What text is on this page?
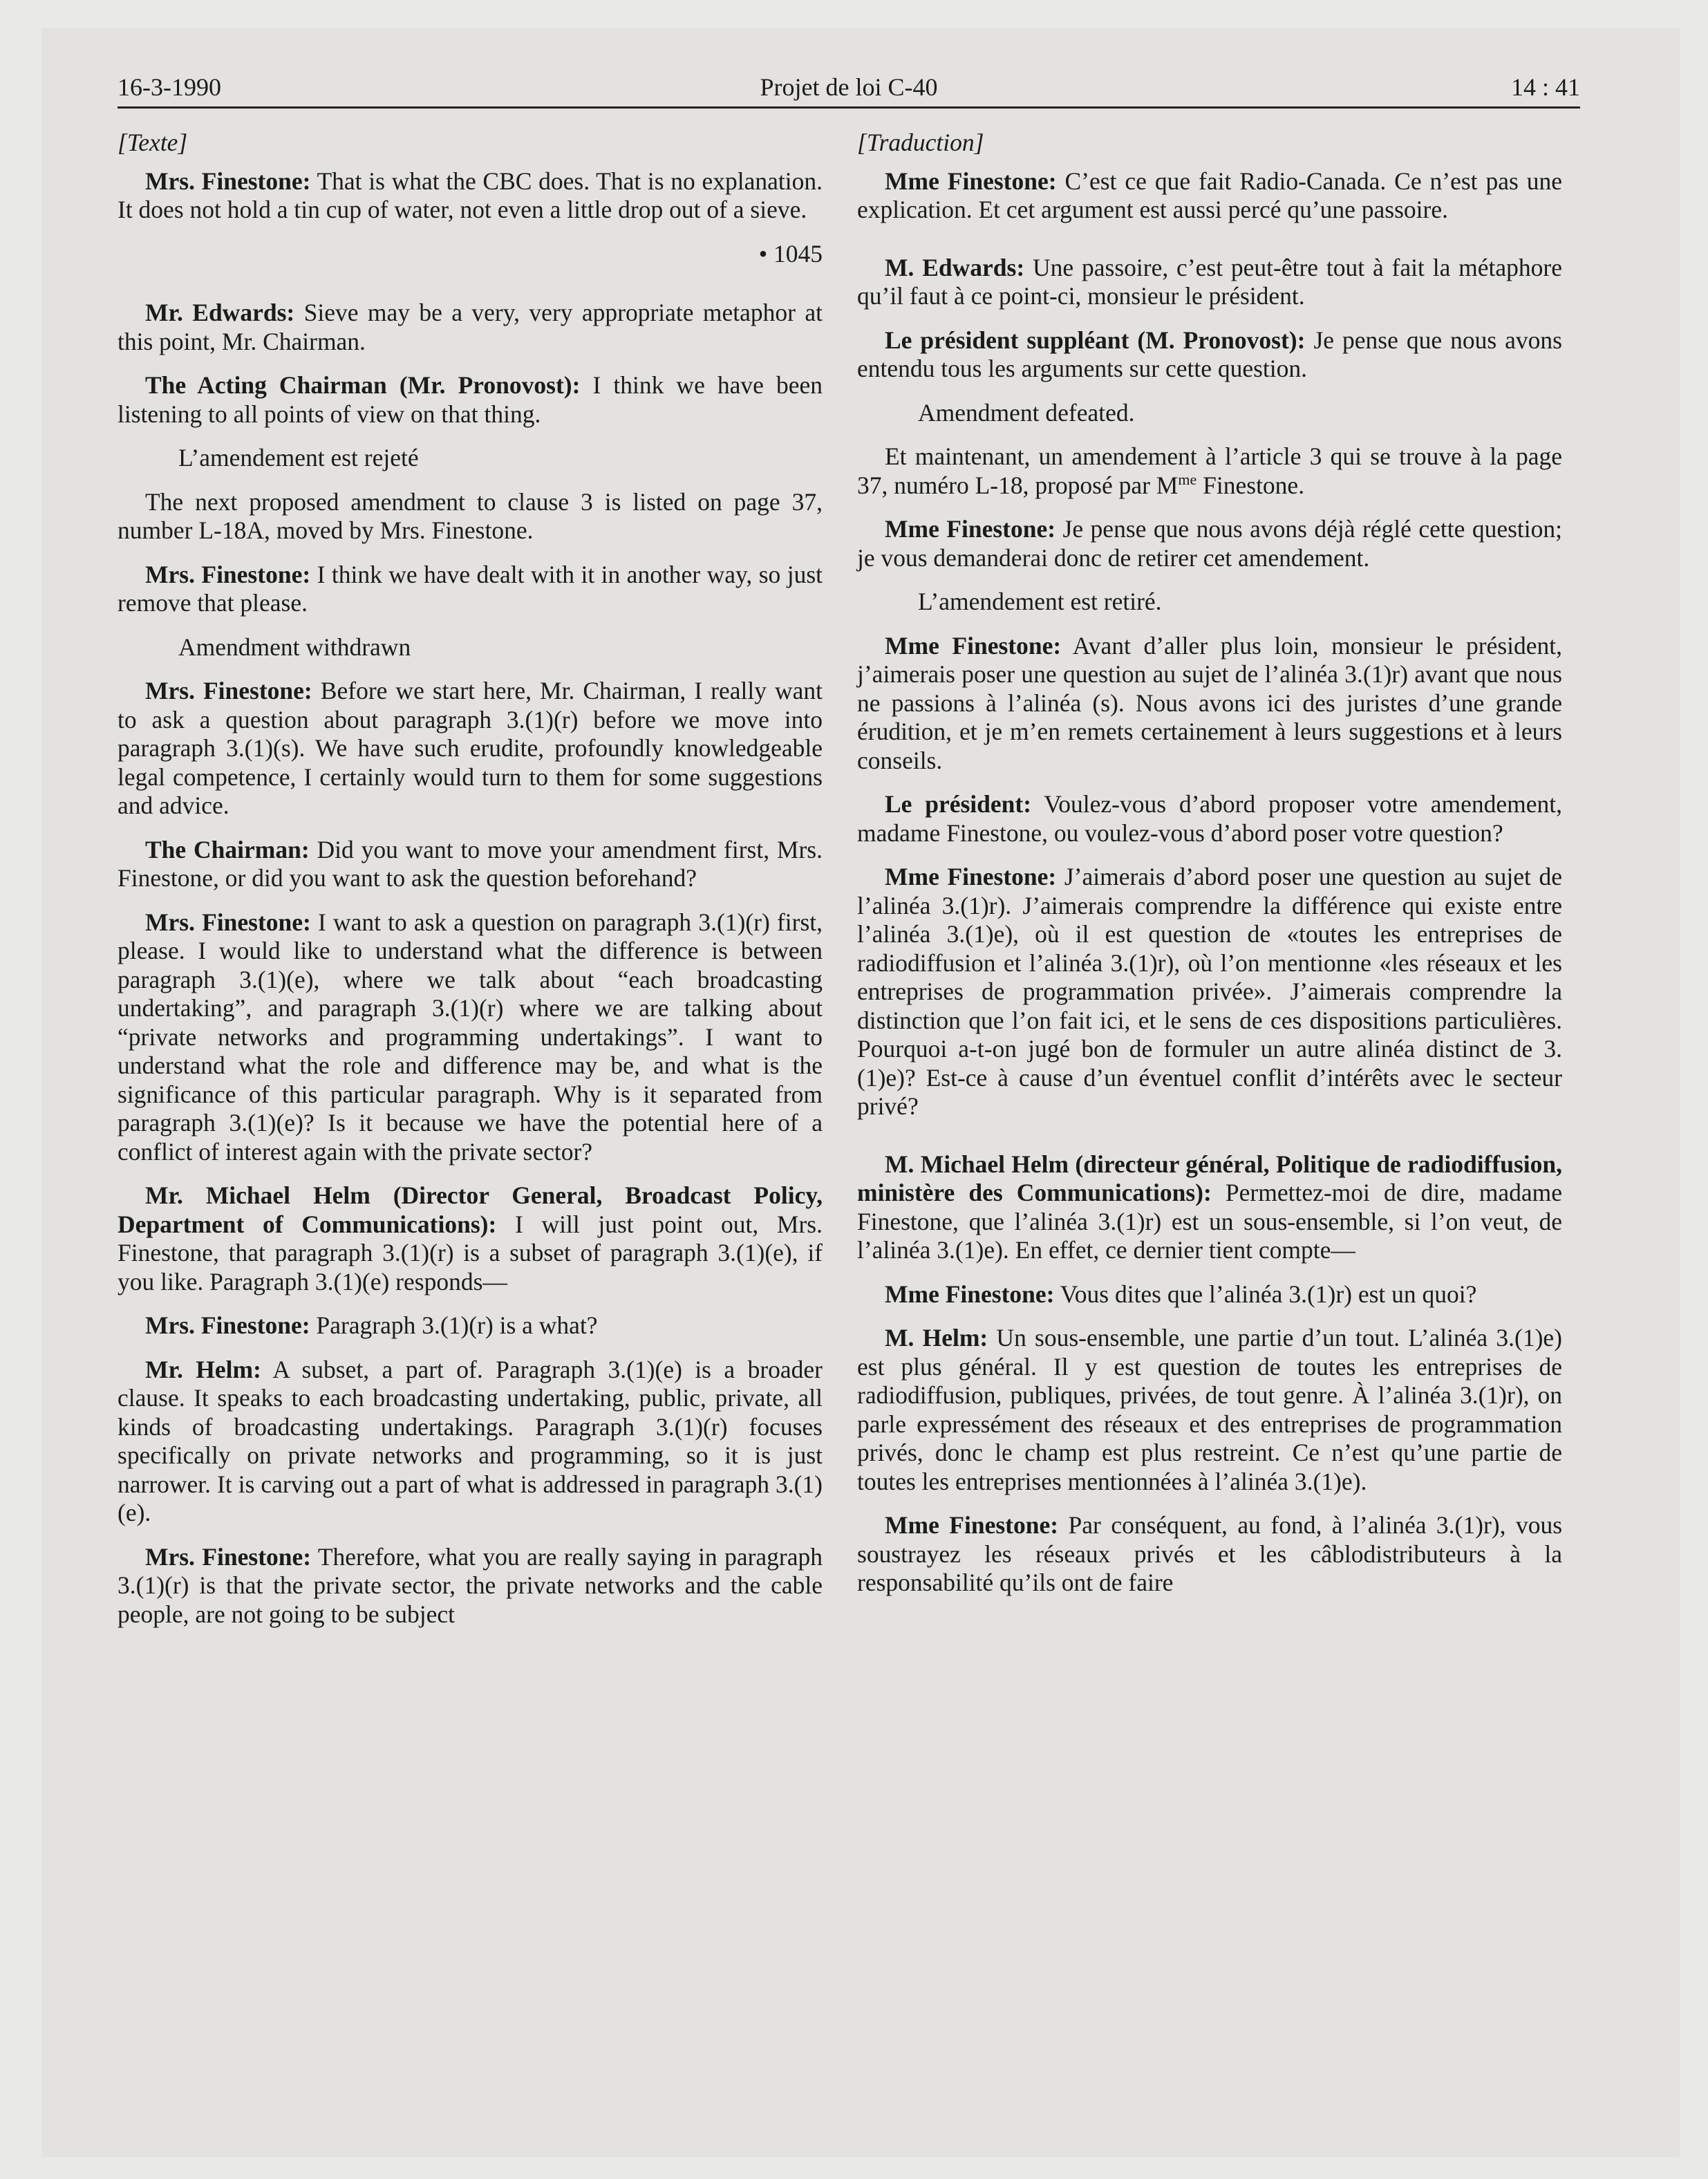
Projet de loi C-40
16-3-1990	14 : 41
[Texte]

Mrs. Finestone: That is what the CBC does. That is no explanation. It does not hold a tin cup of water, not even a little drop out of a sieve.

• 1045

Mr. Edwards: Sieve may be a very, very appropriate metaphor at this point, Mr. Chairman.

The Acting Chairman (Mr. Pronovost): I think we have been listening to all points of view on that thing.

L’amendement est rejeté

The next proposed amendment to clause 3 is listed on page 37, number L-18A, moved by Mrs. Finestone.

Mrs. Finestone: I think we have dealt with it in another way, so just remove that please.

Amendment withdrawn

Mrs. Finestone: Before we start here, Mr. Chairman, I really want to ask a question about paragraph 3.(1)(r) before we move into paragraph 3.(1)(s). We have such erudite, profoundly knowledgeable legal competence, I certainly would turn to them for some suggestions and advice.

The Chairman: Did you want to move your amendment first, Mrs. Finestone, or did you want to ask the question beforehand?

Mrs. Finestone: I want to ask a question on paragraph 3.(1)(r) first, please. I would like to understand what the difference is between paragraph 3.(1)(e), where we talk about “each broadcasting undertaking”, and paragraph 3.(1)(r) where we are talking about “private networks and programming undertakings”. I want to understand what the role and difference may be, and what is the significance of this particular paragraph. Why is it separated from paragraph 3.(1)(e)? Is it because we have the potential here of a conflict of interest again with the private sector?

Mr. Michael Helm (Director General, Broadcast Policy, Department of Communications): I will just point out, Mrs. Finestone, that paragraph 3.(1)(r) is a subset of paragraph 3.(1)(e), if you like. Paragraph 3.(1)(e) responds—

Mrs. Finestone: Paragraph 3.(1)(r) is a what?

Mr. Helm: A subset, a part of. Paragraph 3.(1)(e) is a broader clause. It speaks to each broadcasting undertaking, public, private, all kinds of broadcasting undertakings. Paragraph 3.(1)(r) focuses specifically on private networks and programming, so it is just narrower. It is carving out a part of what is addressed in paragraph 3.(1)(e).

Mrs. Finestone: Therefore, what you are really saying in paragraph 3.(1)(r) is that the private sector, the private networks and the cable people, are not going to be subject

[Traduction]

Mme Finestone: C’est ce que fait Radio-Canada. Ce n’est pas une explication. Et cet argument est aussi percé qu’une passoire.

M. Edwards: Une passoire, c’est peut-être tout à fait la métaphore qu’il faut à ce point-ci, monsieur le président.

Le président suppléant (M. Pronovost): Je pense que nous avons entendu tous les arguments sur cette question.

Amendment defeated.

Et maintenant, un amendement à l’article 3 qui se trouve à la page 37, numéro L-18, proposé par $M^{me}$ Finestone.

Mme Finestone: Je pense que nous avons déjà réglé cette question; je vous demanderai donc de retirer cet amendement.

L’amendement est retiré.

Mme Finestone: Avant d’aller plus loin, monsieur le président, j’aimerais poser une question au sujet de l’alinéa 3.(1)r) avant que nous ne passions à l’alinéa (s). Nous avons ici des juristes d’une grande érudition, et je m’en remets certainement à leurs suggestions et à leurs conseils.

Le président: Voulez-vous d’abord proposer votre amendement, madame Finestone, ou voulez-vous d’abord poser votre question?

Mme Finestone: J’aimerais d’abord poser une question au sujet de l’alinéa 3.(1)r). J’aimerais comprendre la différence qui existe entre l’alinéa 3.(1)e), où il est question de «toutes les entreprises de radiodiffusion et l’alinéa 3.(1)r), où l’on mentionne «les réseaux et les entreprises de programmation privée». J’aimerais comprendre la distinction que l’on fait ici, et le sens de ces dispositions particulières. Pourquoi a-t-on jugé bon de formuler un autre alinéa distinct de 3.(1)e)? Est-ce à cause d’un éventuel conflit d’intérêts avec le secteur privé?

M. Michael Helm (directeur général, Politique de radiodiffusion, ministère des Communications): Permettez-moi de dire, madame Finestone, que l’alinéa 3.(1)r) est un sous-ensemble, si l’on veut, de l’alinéa 3.(1)e). En effet, ce dernier tient compte—

Mme Finestone: Vous dites que l’alinéa 3.(1)r) est un quoi?

M. Helm: Un sous-ensemble, une partie d’un tout. L’alinéa 3.(1)e) est plus général. Il y est question de toutes les entreprises de radiodiffusion, publiques, privées, de tout genre. À l’alinéa 3.(1)r), on parle expressément des réseaux et des entreprises de programmation privés, donc le champ est plus restreint. Ce n’est qu’une partie de toutes les entreprises mentionnées à l’alinéa 3.(1)e).

Mme Finestone: Par conséquent, au fond, à l’alinéa 3.(1)r), vous soustrayez les réseaux privés et les câblodistributeurs à la responsabilité qu’ils ont de faire
